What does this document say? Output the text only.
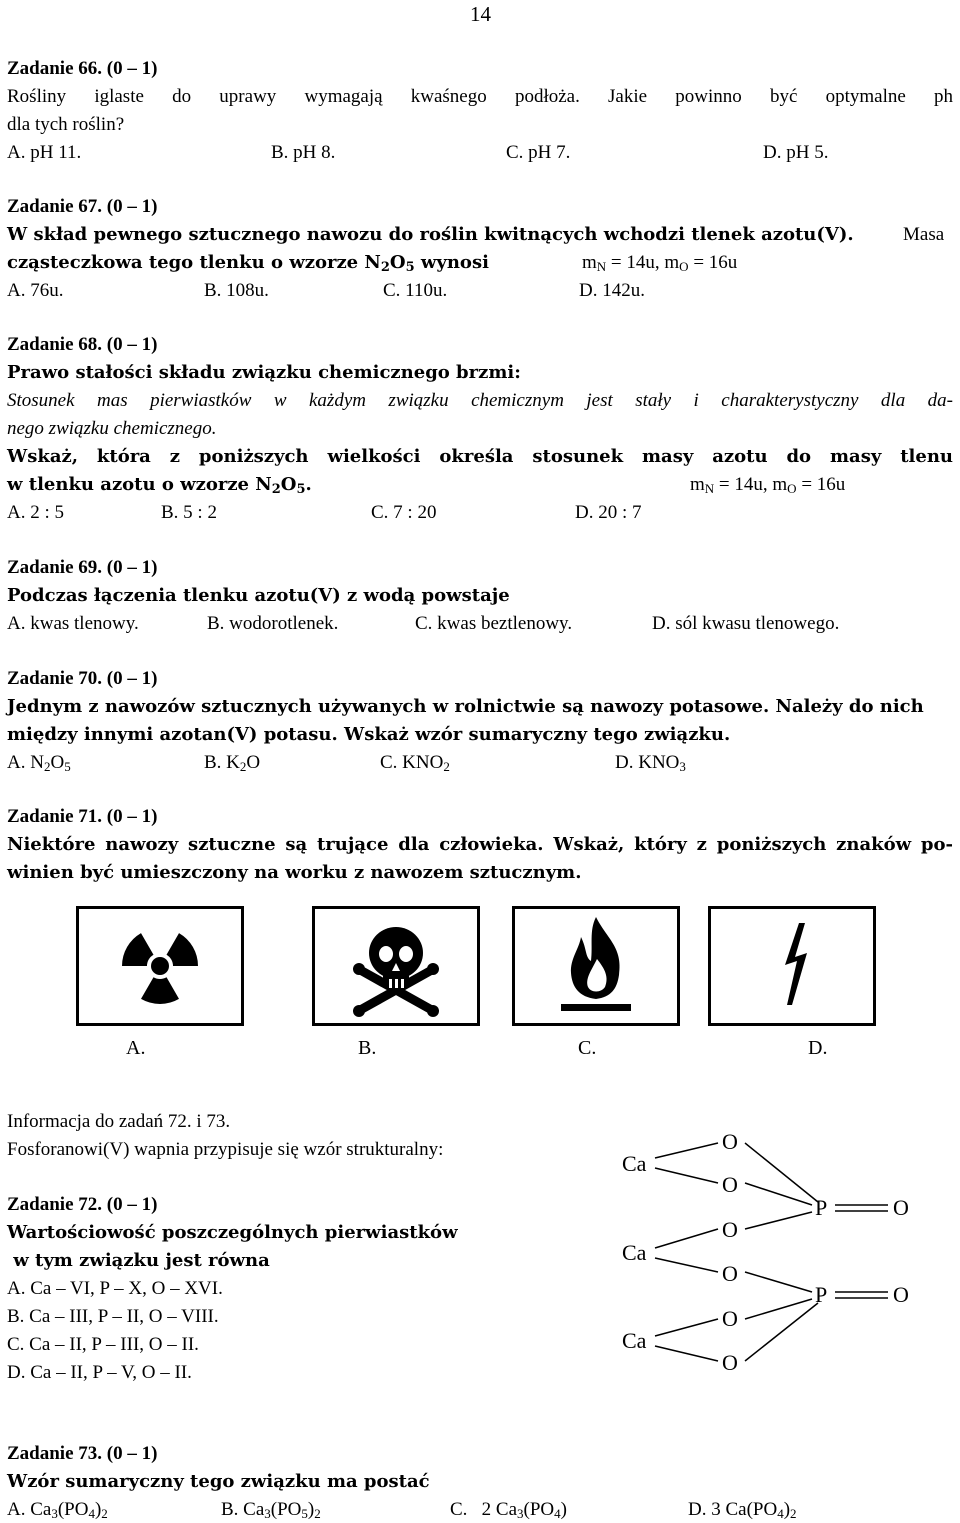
14
Zadanie 66. (0 – 1)
Rośliny iglaste do uprawy wymagają kwaśnego podłoża. Jakie powinno być optymalne ph
dla tych roślin?
A. pH 11.	B. pH 8.	C. pH 7.	D. pH 5.
Zadanie 67. (0 – 1)
W skład pewnego sztucznego nawozu do roślin kwitnących wchodzi tlenek azotu(V).	Masa
cząsteczkowa tego tlenku o wzorze $N_2O_5$ wynosi	$m_N = 14u$, $m_O = 16u$
A. 76u.	B. 108u.	C. 110u.	D. 142u.
Zadanie 68. (0 – 1)
Prawo stałości składu związku chemicznego brzmi:
Stosunek mas pierwiastków w każdym związku chemicznym jest stały i charakterystyczny dla da-
nego związku chemicznego.
Wskaż, która z poniższych wielkości określa stosunek masy azotu do masy tlenu
w tlenku azotu o wzorze $N_2O_5$.	$m_N = 14u$, $m_O = 16u$
A. 2 : 5	B. 5 : 2	C. 7 : 20	D. 20 : 7
Zadanie 69. (0 – 1)
Podczas łączenia tlenku azotu(V) z wodą powstaje
A. kwas tlenowy.	B. wodorotlenek.	C. kwas beztlenowy.	D. sól kwasu tlenowego.
Zadanie 70. (0 – 1)
Jednym z nawozów sztucznych używanych w rolnictwie są nawozy potasowe. Należy do nich
między innymi azotan(V) potasu. Wskaż wzór sumaryczny tego związku.
A. $N_2O_5$	B. $K_2O$	C. $KNO_2$	D. $KNO_3$
Zadanie 71. (0 – 1)
Niektóre nawozy sztuczne są trujące dla człowieka. Wskaż, który z poniższych znaków po-
winien być umieszczony na worku z nawozem sztucznym.
A.	B.	C.	D.
Informacja do zadań 72. i 73.
Fosforanowi(V) wapnia przypisuje się wzór strukturalny:
Ca
Ca
Ca
O
O
O
O
O
O
P
P
O
O
Zadanie 72. (0 – 1)
Wartościowość poszczególnych pierwiastków
w tym związku jest równa
A. Ca – VI, P – X, O – XVI.
B. Ca – III, P – II, O – VIII.
C. Ca – II, P – III, O – II.
D. Ca – II, P – V, O – II.
Zadanie 73. (0 – 1)
Wzór sumaryczny tego związku ma postać
A. $Ca_3(PO_4)_2$	B. $Ca_3(PO_5)_2$	C.   2 $Ca_3(PO_4)$	D. 3 $Ca(PO_4)_2$
